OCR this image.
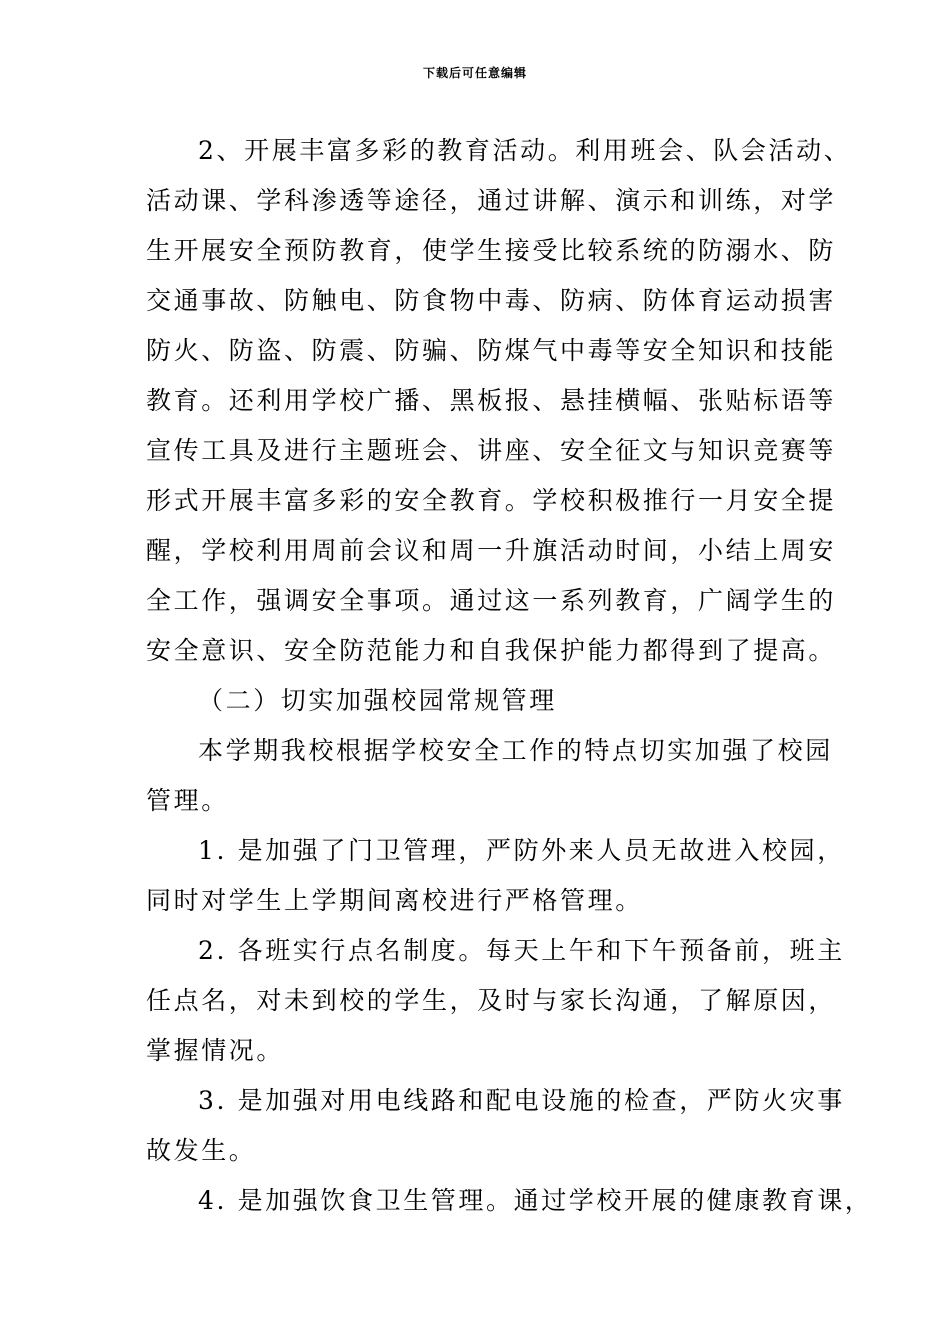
下载后可任意编辑
2、开展丰富多彩的教育活动。利用班会、队会活动、
活动课、学科渗透等途径，通过讲解、演示和训练，对学
生开展安全预防教育，使学生接受比较系统的防溺水、防
交通事故、防触电、防食物中毒、防病、防体育运动损害
防火、防盗、防震、防骗、防煤气中毒等安全知识和技能
教育。还利用学校广播、黑板报、悬挂横幅、张贴标语等
宣传工具及进行主题班会、讲座、安全征文与知识竞赛等
形式开展丰富多彩的安全教育。学校积极推行一月安全提
醒，学校利用周前会议和周一升旗活动时间，小结上周安
全工作，强调安全事项。通过这一系列教育，广阔学生的
安全意识、安全防范能力和自我保护能力都得到了提高。
（二）切实加强校园常规管理
本学期我校根据学校安全工作的特点切实加强了校园
管理。
1. 是加强了门卫管理，严防外来人员无故进入校园，
同时对学生上学期间离校进行严格管理。
2. 各班实行点名制度。每天上午和下午预备前，班主
任点名，对未到校的学生，及时与家长沟通，了解原因，
掌握情况。
3. 是加强对用电线路和配电设施的检查，严防火灾事
故发生。
4. 是加强饮食卫生管理。通过学校开展的健康教育课，
